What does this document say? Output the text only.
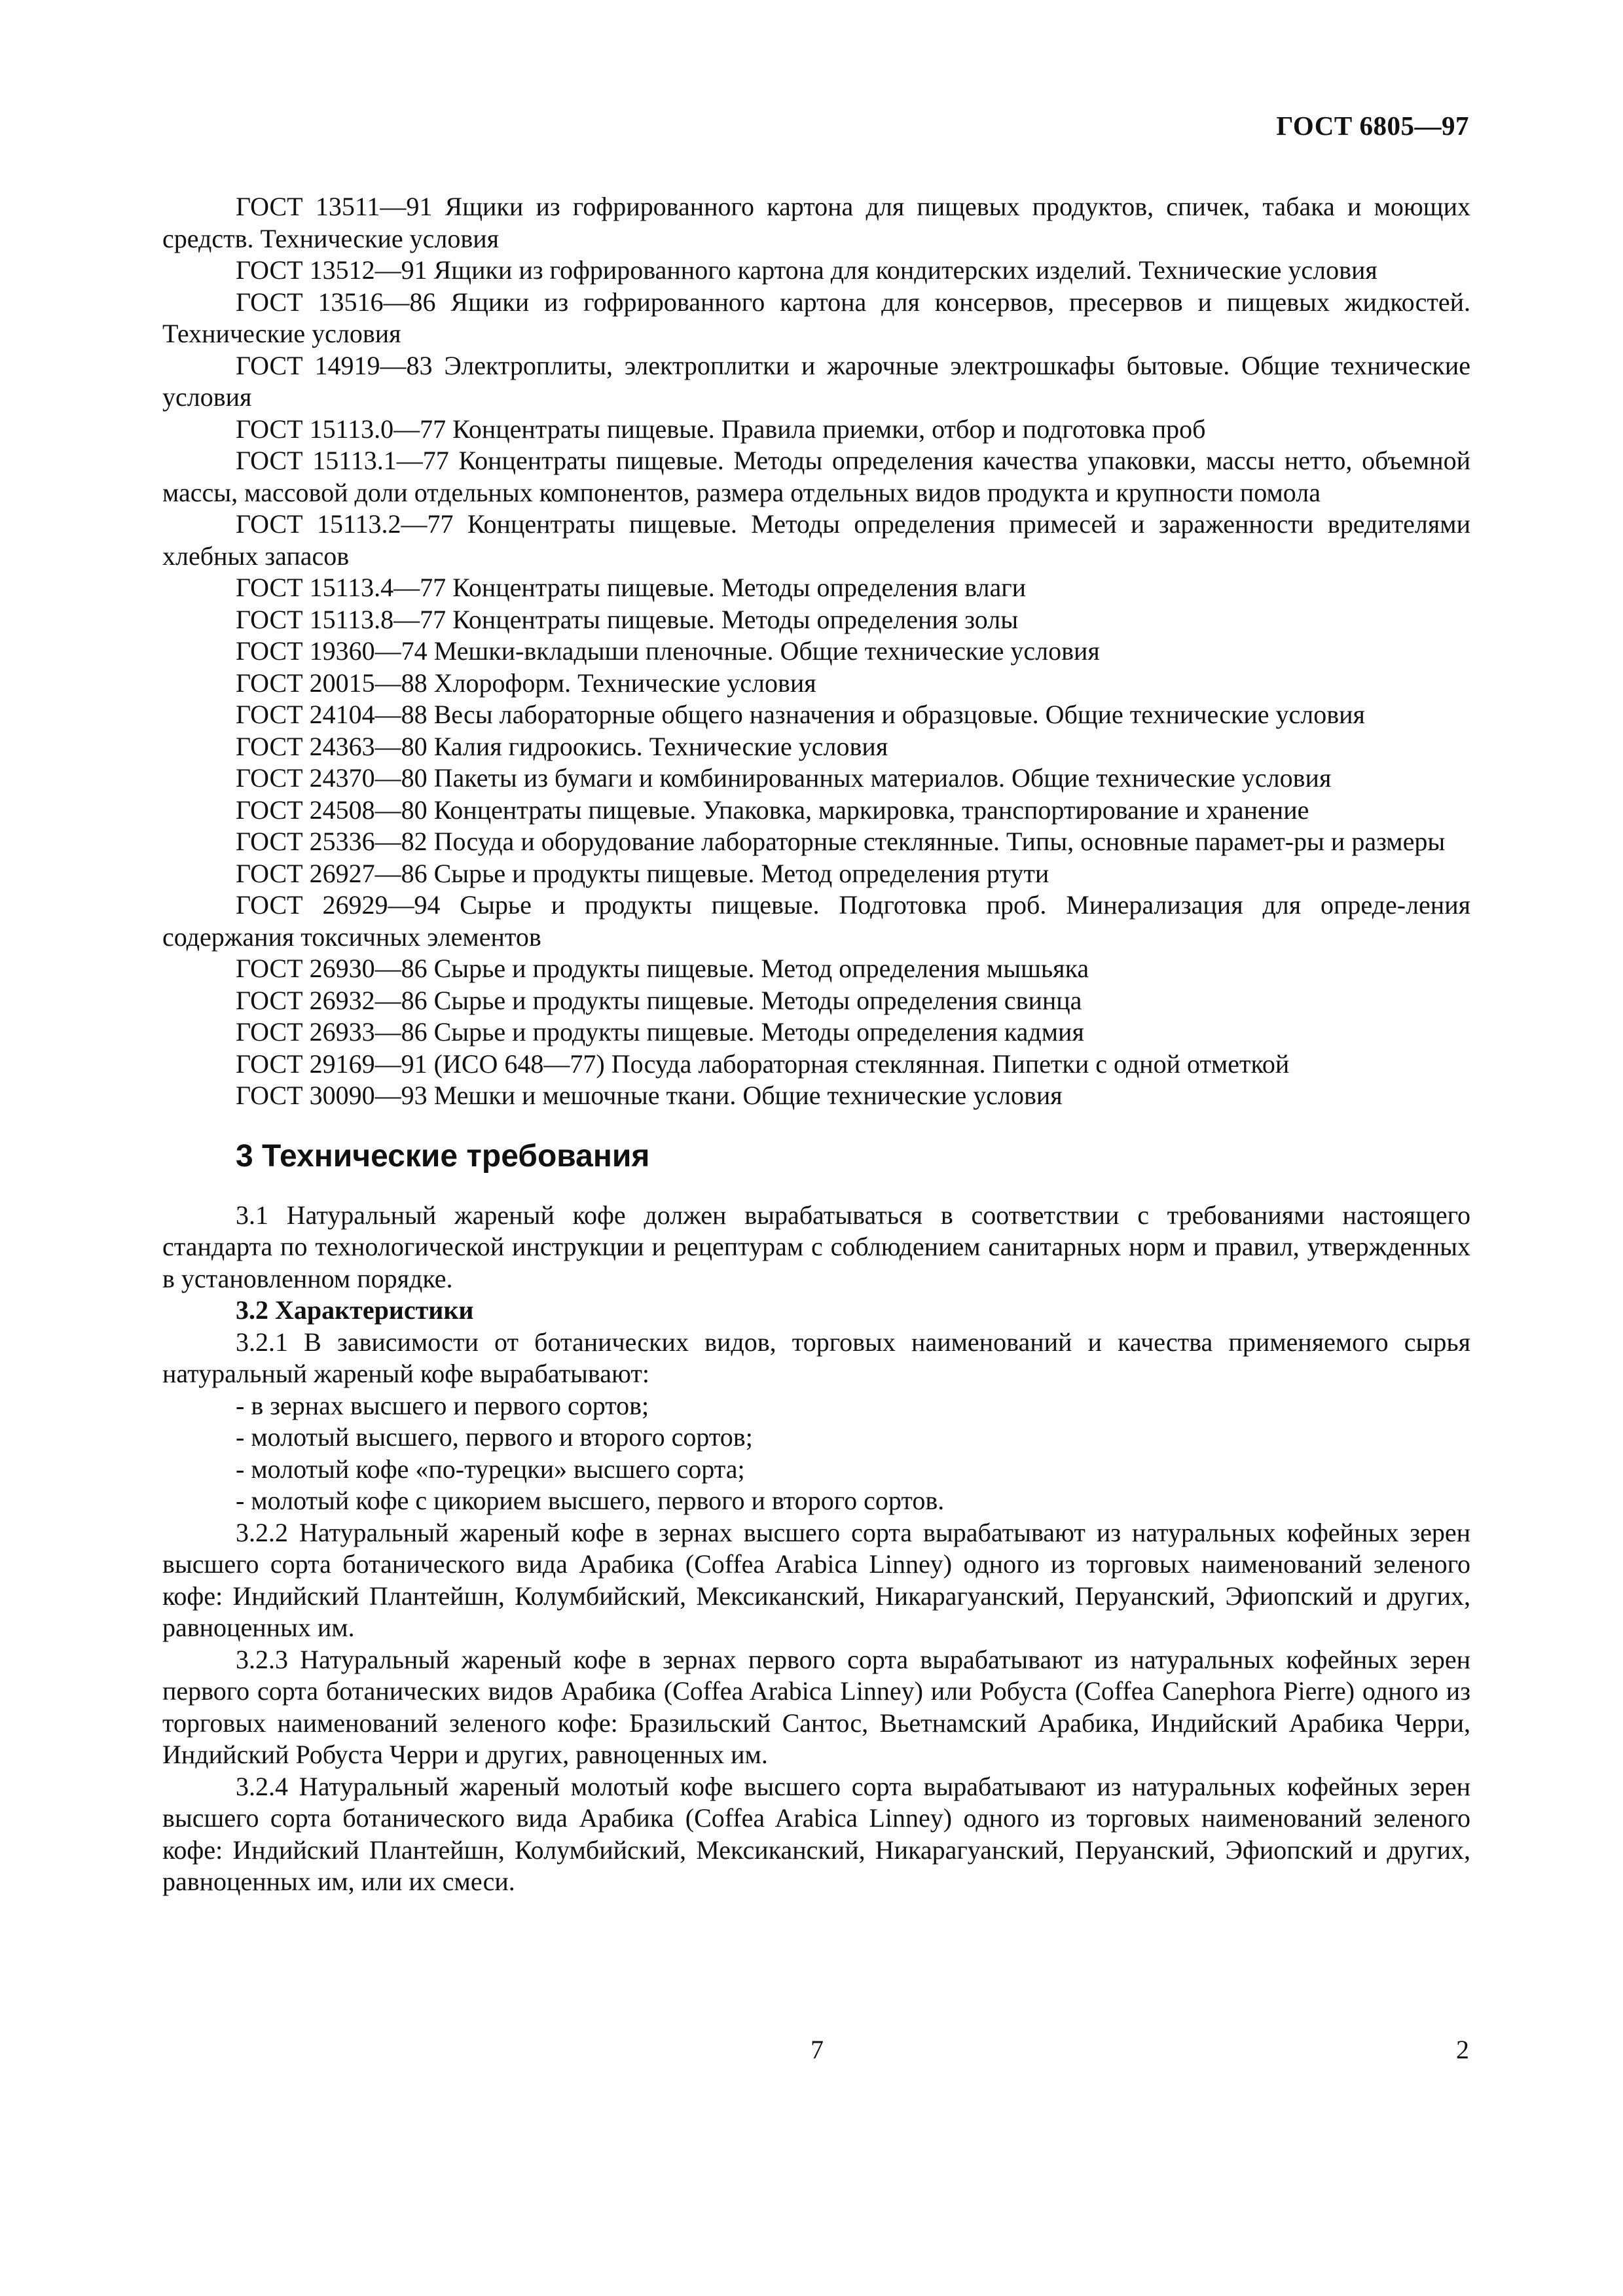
ГОСТ 6805—97

ГОСТ 13511—91 Ящики из гофрированного картона для пищевых продуктов, спичек, табака и моющих средств. Технические условия

ГОСТ 13512—91 Ящики из гофрированного картона для кондитерских изделий. Технические условия

ГОСТ 13516—86 Ящики из гофрированного картона для консервов, пресервов и пищевых жидкостей. Технические условия

ГОСТ 14919—83 Электроплиты, электроплитки и жарочные электрошкафы бытовые. Общие технические условия

ГОСТ 15113.0—77 Концентраты пищевые. Правила приемки, отбор и подготовка проб

ГОСТ 15113.1—77 Концентраты пищевые. Методы определения качества упаковки, массы нетто, объемной массы, массовой доли отдельных компонентов, размера отдельных видов продукта и крупности помола

ГОСТ 15113.2—77 Концентраты пищевые. Методы определения примесей и зараженности вредителями хлебных запасов

ГОСТ 15113.4—77 Концентраты пищевые. Методы определения влаги

ГОСТ 15113.8—77 Концентраты пищевые. Методы определения золы

ГОСТ 19360—74 Мешки-вкладыши пленочные. Общие технические условия

ГОСТ 20015—88 Хлороформ. Технические условия

ГОСТ 24104—88 Весы лабораторные общего назначения и образцовые. Общие технические условия

ГОСТ 24363—80 Калия гидроокись. Технические условия

ГОСТ 24370—80 Пакеты из бумаги и комбинированных материалов. Общие технические условия

ГОСТ 24508—80 Концентраты пищевые. Упаковка, маркировка, транспортирование и хранение

ГОСТ 25336—82 Посуда и оборудование лабораторные стеклянные. Типы, основные парамет-ры и размеры

ГОСТ 26927—86 Сырье и продукты пищевые. Метод определения ртути

ГОСТ 26929—94 Сырье и продукты пищевые. Подготовка проб. Минерализация для опреде-ления содержания токсичных элементов

ГОСТ 26930—86 Сырье и продукты пищевые. Метод определения мышьяка

ГОСТ 26932—86 Сырье и продукты пищевые. Методы определения свинца

ГОСТ 26933—86 Сырье и продукты пищевые. Методы определения кадмия

ГОСТ 29169—91 (ИСО 648—77) Посуда лабораторная стеклянная. Пипетки с одной отметкой

ГОСТ 30090—93 Мешки и мешочные ткани. Общие технические условия

3 Технические требования

3.1 Натуральный жареный кофе должен вырабатываться в соответствии с требованиями настоящего стандарта по технологической инструкции и рецептурам с соблюдением санитарных норм и правил, утвержденных в установленном порядке.

3.2 Характеристики

3.2.1 В зависимости от ботанических видов, торговых наименований и качества применяемого сырья натуральный жареный кофе вырабатывают:

- в зернах высшего и первого сортов;

- молотый высшего, первого и второго сортов;

- молотый кофе «по-турецки» высшего сорта;

- молотый кофе с цикорием высшего, первого и второго сортов.

3.2.2 Натуральный жареный кофе в зернах высшего сорта вырабатывают из натуральных кофейных зерен высшего сорта ботанического вида Арабика (Coffea Arabica Linney) одного из торговых наименований зеленого кофе: Индийский Плантейшн, Колумбийский, Мексиканский, Никарагуанский, Перуанский, Эфиопский и других, равноценных им.

3.2.3 Натуральный жареный кофе в зернах первого сорта вырабатывают из натуральных кофейных зерен первого сорта ботанических видов Арабика (Coffea Arabica Linney) или Робуста (Coffea Canephora Pierre) одного из торговых наименований зеленого кофе: Бразильский Сантос, Вьетнамский Арабика, Индийский Арабика Черри, Индийский Робуста Черри и других, равноценных им.

3.2.4 Натуральный жареный молотый кофе высшего сорта вырабатывают из натуральных кофейных зерен высшего сорта ботанического вида Арабика (Coffea Arabica Linney) одного из торговых наименований зеленого кофе: Индийский Плантейшн, Колумбийский, Мексиканский, Никарагуанский, Перуанский, Эфиопский и других, равноценных им, или их смеси.

7	2
